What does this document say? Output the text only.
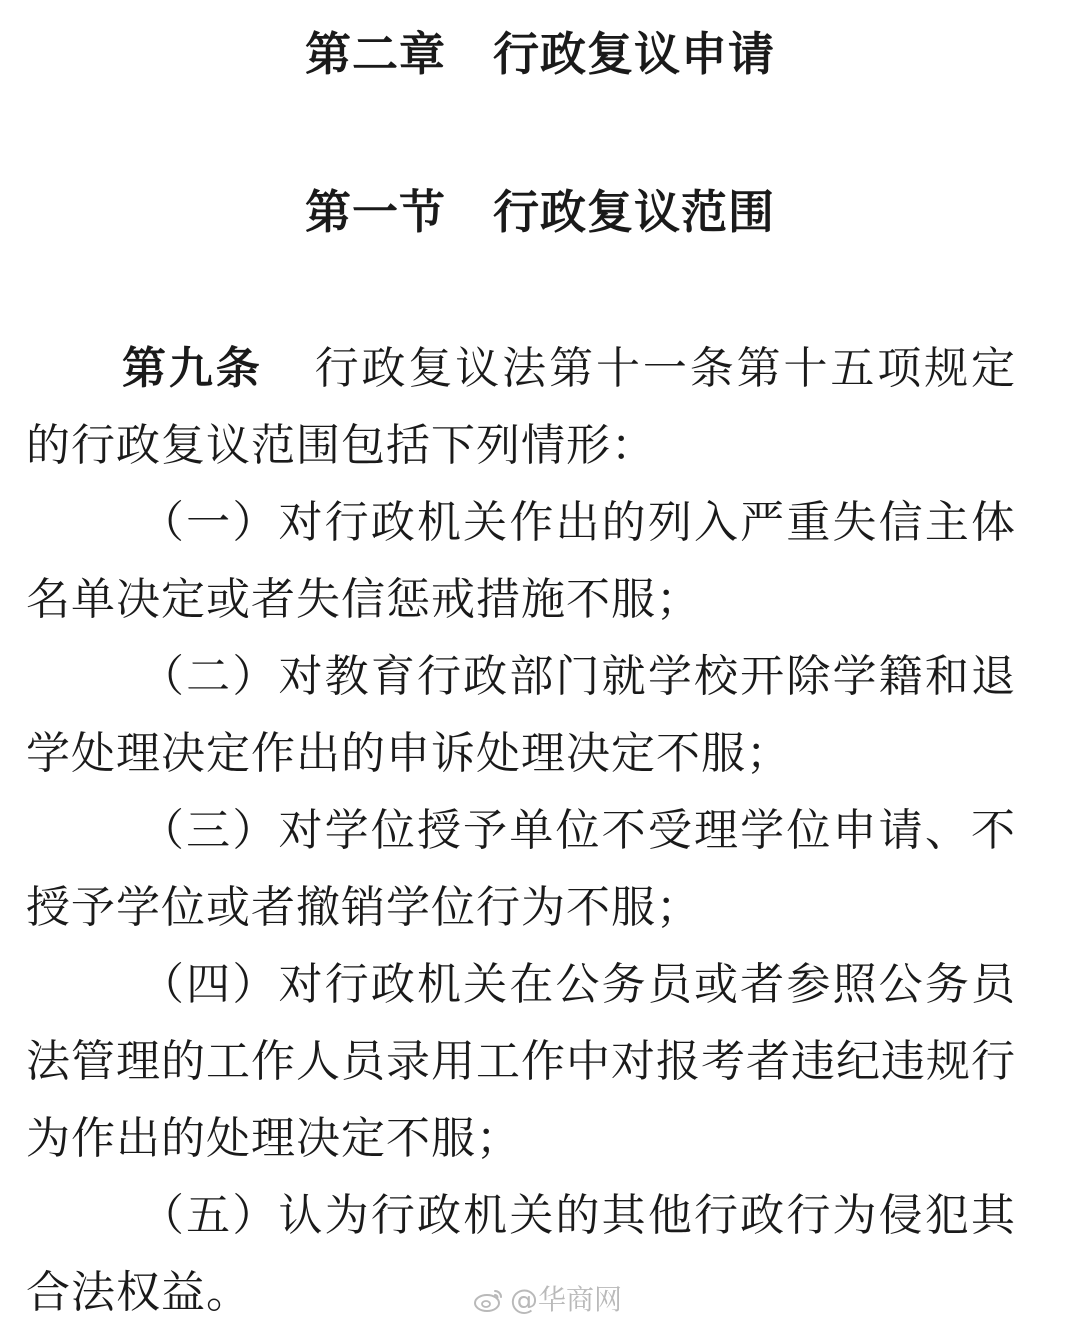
第二章　行政复议申请
第一节　行政复议范围

第九条 行政复议法第十一条第十五项规定的行政复议范围包括下列情形：

（一）对行政机关作出的列入严重失信主体名单决定或者失信惩戒措施不服；

（二）对教育行政部门就学校开除学籍和退学处理决定作出的申诉处理决定不服；

（三）对学位授予单位不受理学位申请、不授予学位或者撤销学位行为不服；

（四）对行政机关在公务员或者参照公务员法管理的工作人员录用工作中对报考者违纪违规行为作出的处理决定不服；

（五）认为行政机关的其他行政行为侵犯其合法权益。	@华商网
